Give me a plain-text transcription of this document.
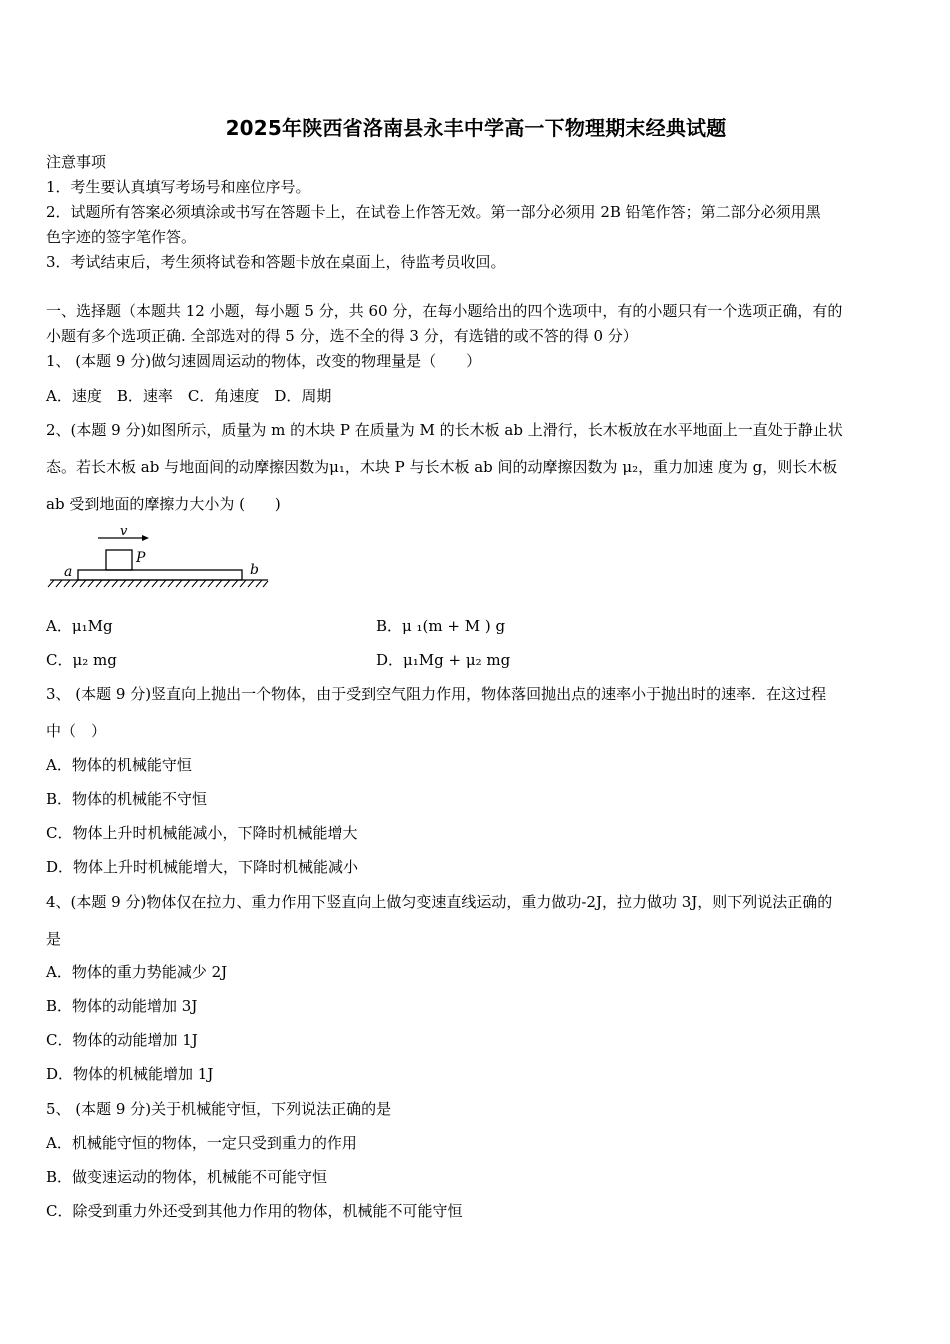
2025年陕西省洛南县永丰中学高一下物理期末经典试题
注意事项
1．考生要认真填写考场号和座位序号。
2．试题所有答案必须填涂或书写在答题卡上，在试卷上作答无效。第一部分必须用 2B 铅笔作答；第二部分必须用黑
色字迹的签字笔作答。
3．考试结束后，考生须将试卷和答题卡放在桌面上，待监考员收回。
一、选择题（本题共 12 小题，每小题 5 分，共 60 分，在每小题给出的四个选项中，有的小题只有一个选项正确，有的
小题有多个选项正确. 全部选对的得 5 分，选不全的得 3 分，有选错的或不答的得 0 分）
1、 (本题 9 分)做匀速圆周运动的物体，改变的物理量是（　　）
A．速度　B．速率　C．角速度　D．周期
2、(本题 9 分)如图所示，质量为 m 的木块 P 在质量为 M 的长木板 ab 上滑行，长木板放在水平地面上一直处于静止状
态。若长木板 ab 与地面间的动摩擦因数为μ₁，木块 P 与长木板 ab 间的动摩擦因数为 μ₂，重力加速 度为 g，则长木板
ab 受到地面的摩擦力大小为 (　　)
v
P
a	b
A．μ₁Mg	B．μ ₁(m + M ) g
C．μ₂ mg	D．μ₁Mg + μ₂ mg
3、 (本题 9 分)竖直向上抛出一个物体，由于受到空气阻力作用，物体落回抛出点的速率小于抛出时的速率．在这过程
中（　）
A．物体的机械能守恒
B．物体的机械能不守恒
C．物体上升时机械能减小，下降时机械能增大
D．物体上升时机械能增大，下降时机械能减小
4、(本题 9 分)物体仅在拉力、重力作用下竖直向上做匀变速直线运动，重力做功-2J，拉力做功 3J，则下列说法正确的
是
A．物体的重力势能减少 2J
B．物体的动能增加 3J
C．物体的动能增加 1J
D．物体的机械能增加 1J
5、 (本题 9 分)关于机械能守恒，下列说法正确的是
A．机械能守恒的物体，一定只受到重力的作用
B．做变速运动的物体，机械能不可能守恒
C．除受到重力外还受到其他力作用的物体，机械能不可能守恒
